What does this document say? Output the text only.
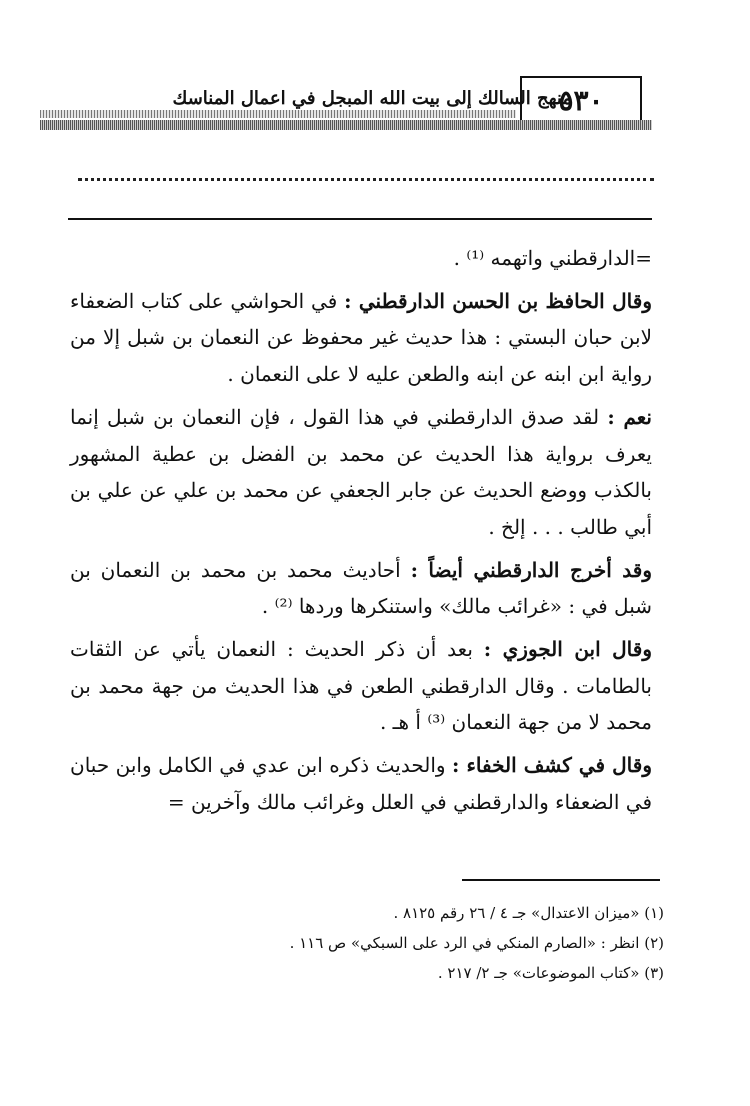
منهج السالك إلى بيت الله المبجل في اعمال المناسك
٥٣٠

=الدارقطني واتهمه ⁽¹⁾ .

وقال الحافظ بن الحسن الدارقطني : في الحواشي على كتاب الضعفاء لابن حبان البستي : هذا حديث غير محفوظ عن النعمان بن شبل إلا من رواية ابن ابنه عن ابنه والطعن عليه لا على النعمان .

نعم : لقد صدق الدارقطني في هذا القول ، فإن النعمان بن شبل إنما يعرف برواية هذا الحديث عن محمد بن الفضل بن عطية المشهور بالكذب ووضع الحديث عن جابر الجعفي عن محمد بن علي عن علي بن أبي طالب . . . إلخ .

وقد أخرج الدارقطني أيضاً : أحاديث محمد بن محمد بن النعمان بن شبل في : «غرائب مالك» واستنكرها وردها ⁽²⁾ .

وقال ابن الجوزي : بعد أن ذكر الحديث : النعمان يأتي عن الثقات بالطامات . وقال الدارقطني الطعن في هذا الحديث من جهة محمد بن محمد لا من جهة النعمان ⁽³⁾ أ هـ .

وقال في كشف الخفاء : والحديث ذكره ابن عدي في الكامل وابن حبان في الضعفاء والدارقطني في العلل وغرائب مالك وآخرين =

(١) «ميزان الاعتدال» جـ ٤ / ٢٦ رقم ٨١٢٥ .
(٢) انظر : «الصارم المنكي في الرد على السبكي» ص ١١٦ .
(٣) «كتاب الموضوعات» جـ ٢/ ٢١٧ .
